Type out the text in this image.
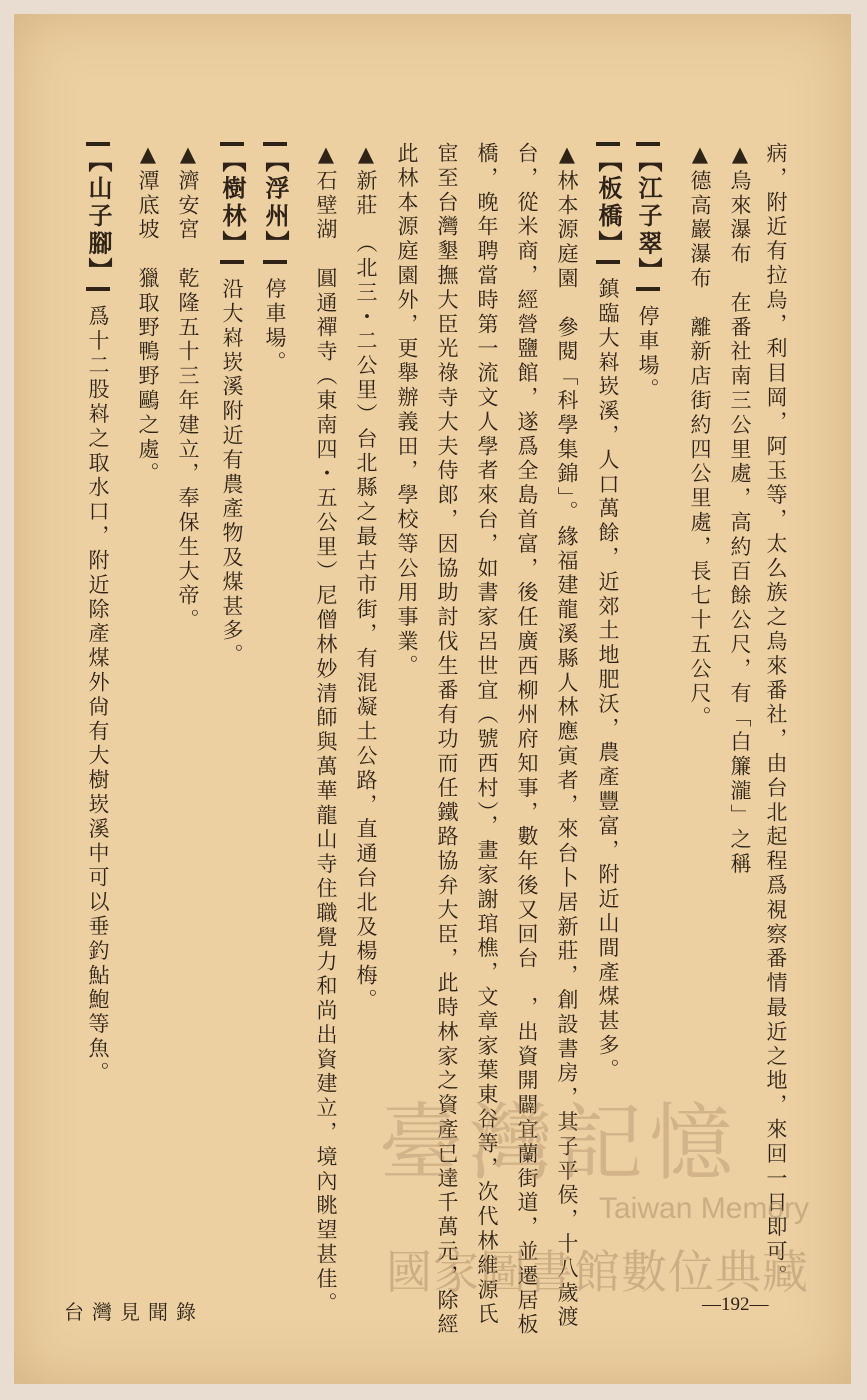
病，附近有拉烏，利目岡，阿玉等，太么族之烏來番社，由台北起程爲視察番情最近之地，來回一日即可。
▲烏來瀑布　在番社南三公里處，高約百餘公尺，有「白簾瀧」之稱
▲德高巖瀑布　離新店街約四公里處，長七十五公尺。
【江子翠】停車場。
【板橋】鎮臨大嵙崁溪，人口萬餘，近郊土地肥沃，農產豐富，附近山間產煤甚多。
▲林本源庭園　參閱「科學集錦」。緣福建龍溪縣人林應寅者，來台卜居新莊，創設書房，其子平侯，十八歲渡
台，從米商，經營鹽館，遂爲全島首富，後任廣西柳州府知事，數年後又回台　，出資開闢宜蘭街道，並遷居板
橋，晚年聘當時第一流文人學者來台，如書家呂世宜（號西村），畫家謝琯樵，文章家葉東谷等，次代林維源氏
宦至台灣墾撫大臣光祿寺大夫侍郎，因協助討伐生番有功而任鐵路協弁大臣，此時林家之資產已達千萬元，除經
此林本源庭園外，更舉辦義田，學校等公用事業。
▲新莊　（北三・二公里）台北縣之最古市街，有混凝土公路，直通台北及楊梅。
▲石壁湖　圓通禪寺（東南四・五公里）尼僧林妙清師與萬華龍山寺住職覺力和尚出資建立，境內眺望甚佳。
【浮州】停車場。
【樹林】沿大嵙崁溪附近有農產物及煤甚多。
▲濟安宮　乾隆五十三年建立，奉保生大帝。
▲潭底坡　獵取野鴨野鷗之處。
【山子腳】爲十二股嵙之取水口，附近除產煤外尙有大樹崁溪中可以垂釣鮎鮑等魚。
臺灣記憶
Taiwan Memory
國家圖書館數位典藏
台灣見聞錄	—192—
